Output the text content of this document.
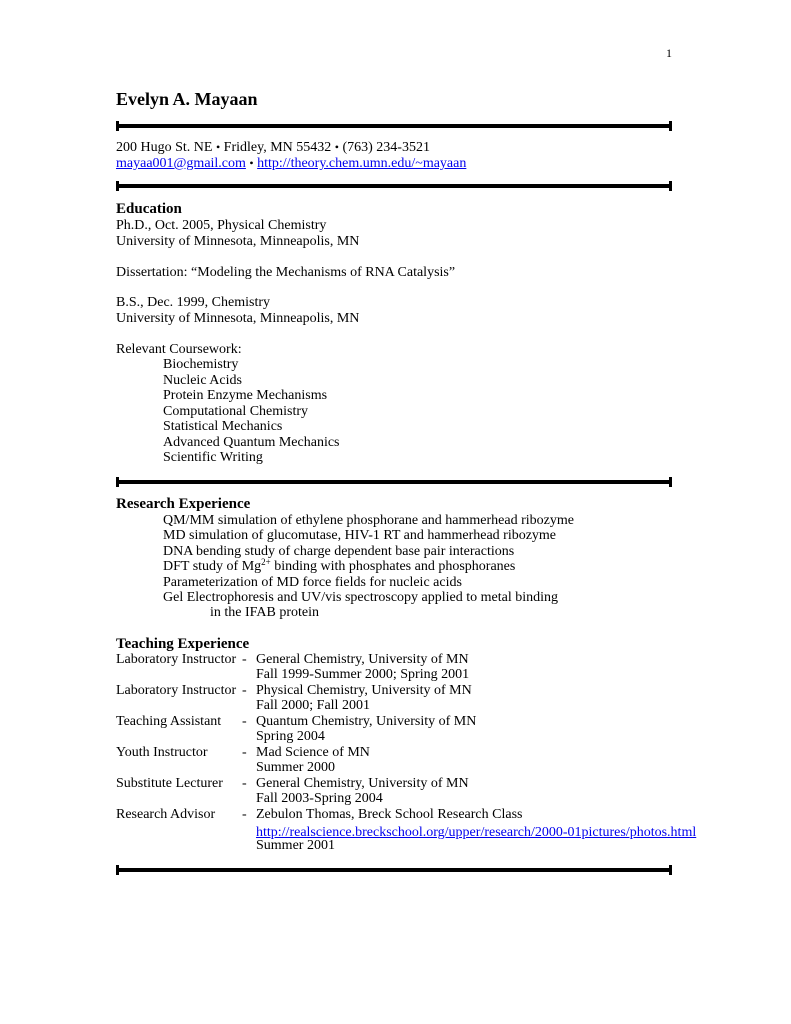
1
Evelyn A. Mayaan
200 Hugo St. NE • Fridley, MN 55432 • (763) 234-3521
mayaa001@gmail.com • http://theory.chem.umn.edu/~mayaan
Education
Ph.D., Oct. 2005, Physical Chemistry
University of Minnesota, Minneapolis, MN
Dissertation: “Modeling the Mechanisms of RNA Catalysis”
B.S., Dec. 1999, Chemistry
University of Minnesota, Minneapolis, MN
Relevant Coursework:
Biochemistry
Nucleic Acids
Protein Enzyme Mechanisms
Computational Chemistry
Statistical Mechanics
Advanced Quantum Mechanics
Scientific Writing
Research Experience
QM/MM simulation of ethylene phosphorane and hammerhead ribozyme
MD simulation of glucomutase, HIV-1 RT and hammerhead ribozyme
DNA bending study of charge dependent base pair interactions
DFT study of $Mg^{2+}$ binding with phosphates and phosphoranes
Parameterization of MD force fields for nucleic acids
Gel Electrophoresis and UV/vis spectroscopy applied to metal binding
in the IFAB protein
Teaching Experience
Laboratory Instructor - General Chemistry, University of MN
Fall 1999-Summer 2000; Spring 2001
Laboratory Instructor - Physical Chemistry, University of MN
Fall 2000; Fall 2001
Teaching Assistant - Quantum Chemistry, University of MN
Spring 2004
Youth Instructor - Mad Science of MN
Summer 2000
Substitute Lecturer - General Chemistry, University of MN
Fall 2003-Spring 2004
Research Advisor - Zebulon Thomas, Breck School Research Class
http://realscience.breckschool.org/upper/research/2000-01pictures/photos.html
Summer 2001
